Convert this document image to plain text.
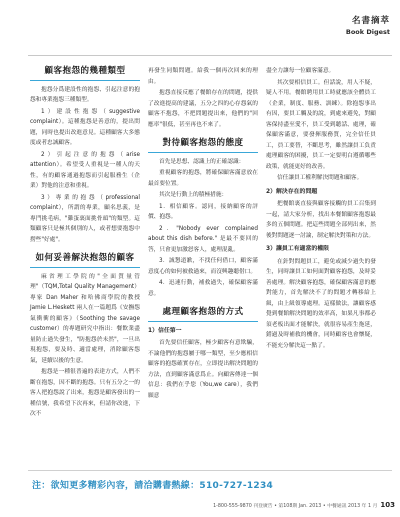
名書摘萃
Book Digest
顧客抱怨的幾種類型

抱怨分爲建設性的抱怨、引起注意的抱怨和專業抱怨三種類型。

1）建設性抱怨（suggestive complaint）。這種抱怨是善意的，提出問題，同時也提出改進意見。這種顧客大多態度或者忠誠顧客。

2）引起注意的抱怨（arise attention）。希望受人重視是一種人的天性，有的顧客通過抱怨而引起服務生（企業）對他的注意和重視。

3）專業的抱怨（professional complaint），所謂的專業，顧名思義，是專門挑毛病，"雞蛋裏面挑骨頭"的類型。這類顧客只是極其個別的人，或者想要抱怨中撈些"好處"。

如何妥善解決抱怨的顧客

麻省理工學院的"全面質量管理"（TQM,Total Quality Management）專家 Dan Maher 和哈佛商學院的教授 Jamie L.Heskett 兩人在一篇題爲《安撫怨氣衝衝的顧客》（Soothing the savage customer）的專題研究中指出：餐飲業盡量防止過失發生，"防抱怨於未然"，一旦出現抱怨，要及時、適當處理，消除顧客怨氣，延續以後的生意。

抱怨是一種很普遍的表達方式，人們不斷在抱怨，因不斷的抱怨。只有五分之一的客人把抱怨說了出來，抱怨是顧客發出的一種信號，我希望下次再來，但請你改進，下次不

再發生同類問題。給我一個再次回來的理由。

抱怨直接反應了餐館存在的問題，提供了改進提高的建議，五分之四的心存怨氣的顧客不抱怨，不把問題提出來，他們的"回應率"很低，甚至再也不來了。

對待顧客抱怨的態度

首先是思想、認識上的正確認識：

重視顧客的抱怨，將確保顧客滿意放在最首要位置。

其次是行動上的積極措施：

1．相信顧客。認同，接納顧客的評價、抱怨。

2．"Nobody ever complained about this dish before." 是最不要回的答，只會更加激怒客人，處理混亂。

3．誠懇道歉，不找任何借口，顧客滿意度心的如何被救過來，而沒興趣聽借口。

4．迅速行動，補救過失，確保顧客滿意。

處理顧客抱怨的方式
1）信任第一

首先要信任顧客，極少顧客有意欺騙，不論他們的抱怨屬于哪一類型，至少應相信顧客的抱怨確實存在，立即提出解決問題的方法，直到顧客滿意爲止。向顧客傳達一個信息：我們在乎您（You,we care），我們願意

盡全力讓每一位顧客滿意。

其次要相信員工。但話說，用人不疑，疑人不用。餐館聘用員工時就應該全體員工（企業，制度、服務、訓練）。除抱怨事出有因，要員工觸及的說，到處來避免，對顧客保持盡至愛不，員工受到聽話、處理，確保顧客滿意，要發揮服務質，完全信任員工，員工要替，不斷思考，雖然讓員工負責處理顧客的困擾，員工一定要明白遵循哪些政策，就能更好的改善。

信任讓員工權利解決問題和顧客。

2）解決存在的問題

把餐館裏直接與顧客接觸的員工召集到一起，請大家分析，找出本餐館顧客抱怨最多的五個問題。把這些問題全部列出來，然後對問題逐一討論，制定解決對策和方法。

3）讓員工有適當的權限

在針對問題員工，避免或減少過失的發生，同時讓員工如何面對顧客抱怨，及時妥善處理。解決顧客抱怨，確保顧客滿意的應對能力，首先解決不了的問題才轉移給上級，由上級領導處理。這樣做法，讓顧客感覺到餐館解決問題的效率高，如果凡事都必須老板出面才能解決，就很容易產生拖延，錯過及時補救的機會，同時顧客也會懷疑，不能充分解決這一點了。

注：欲知更多精彩內容，請洽購書熱線：510-727-1234
1-800-555-9870 刊登廣告 • 第108期 Jan. 2013 • 中餐通訊 2013 年 1 月 103
